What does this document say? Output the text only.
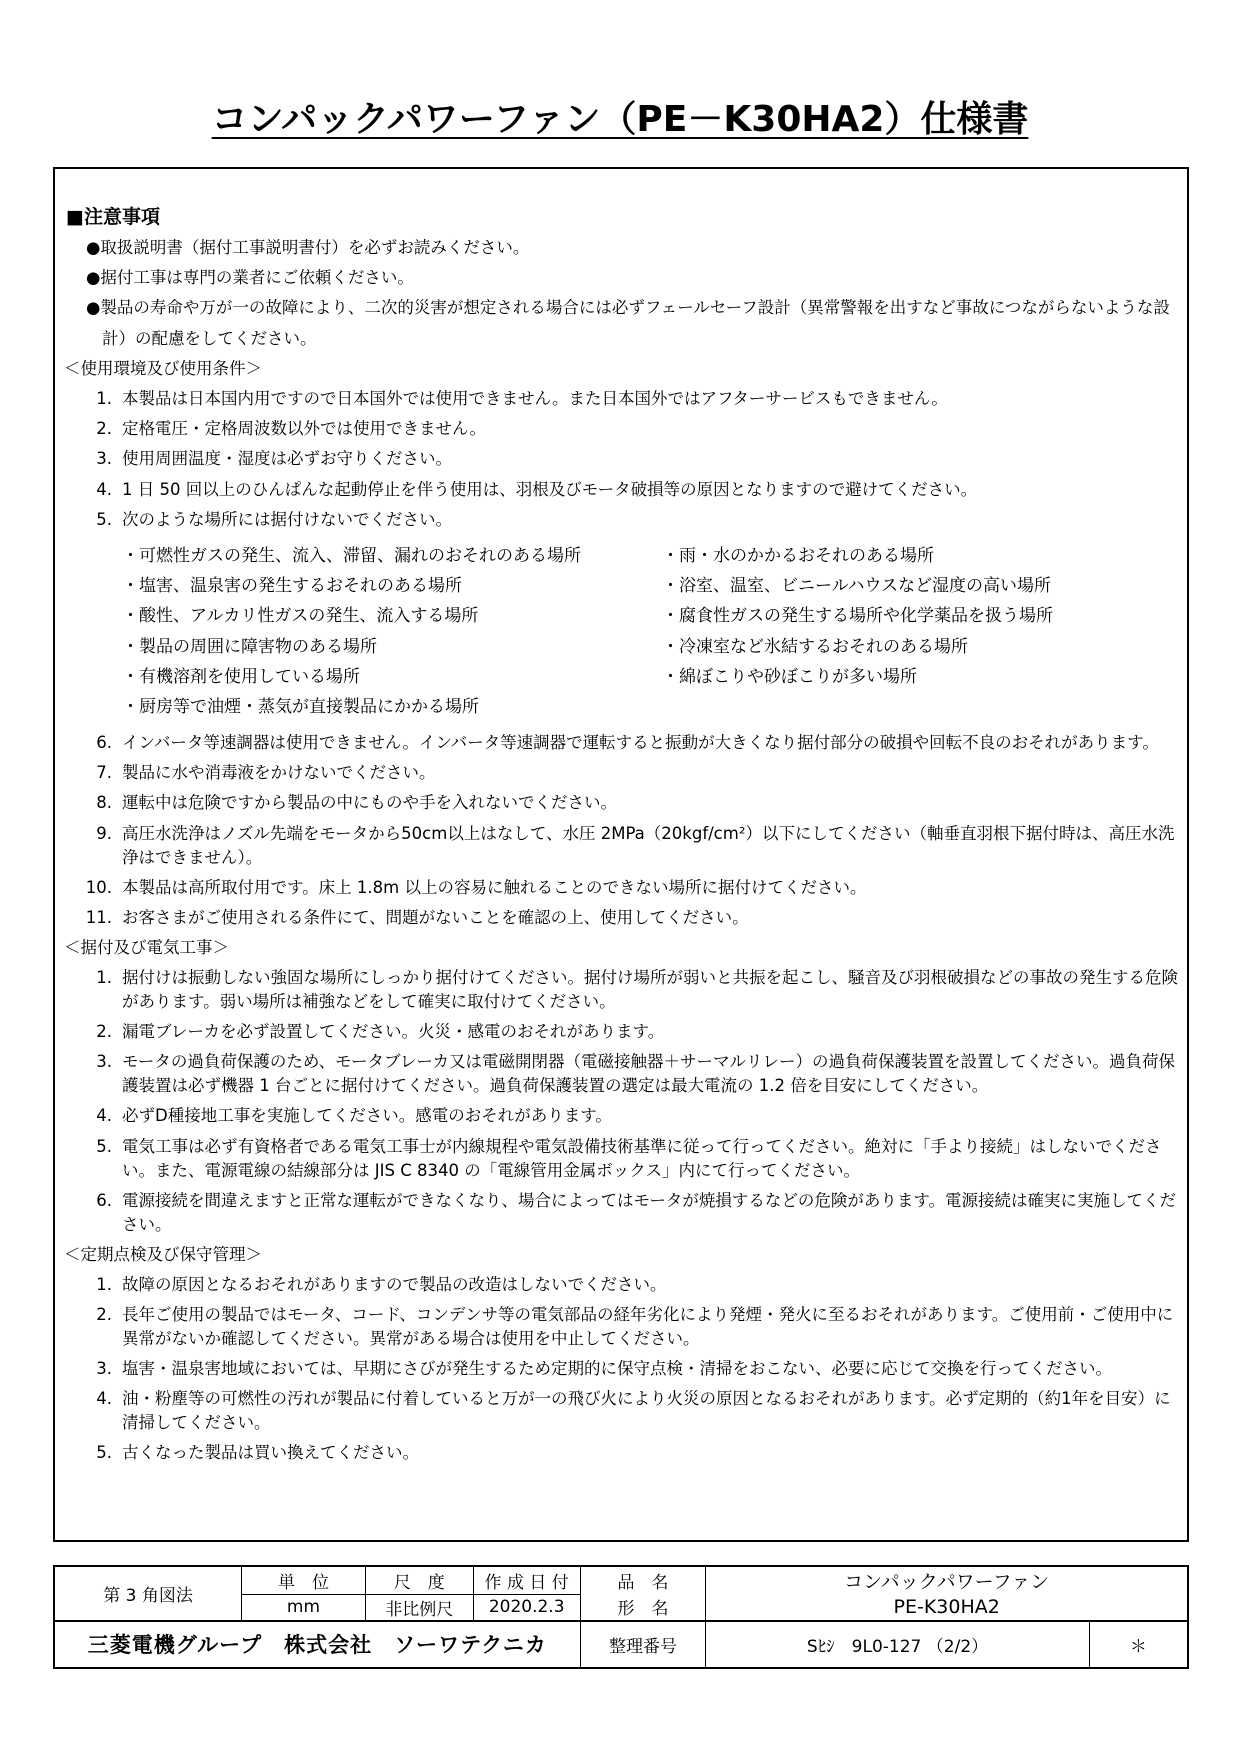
コンパックパワーファン（PE－K30HA2）仕様書

■注意事項

●取扱説明書（据付工事説明書付）を必ずお読みください。

●据付工事は専門の業者にご依頼ください。

●製品の寿命や万が一の故障により、二次的災害が想定される場合には必ずフェールセーフ設計（異常警報を出すなど事故につながらないような設計）の配慮をしてください。

＜使用環境及び使用条件＞

1. 本製品は日本国内用ですので日本国外では使用できません。また日本国外ではアフターサービスもできません。

2. 定格電圧・定格周波数以外では使用できません。

3. 使用周囲温度・湿度は必ずお守りください。

4. 1 日 50 回以上のひんぱんな起動停止を伴う使用は、羽根及びモータ破損等の原因となりますので避けてください。

5. 次のような場所には据付けないでください。

・可燃性ガスの発生、流入、滞留、漏れのおそれのある場所	・雨・水のかかるおそれのある場所
・塩害、温泉害の発生するおそれのある場所	・浴室、温室、ビニールハウスなど湿度の高い場所
・酸性、アルカリ性ガスの発生、流入する場所	・腐食性ガスの発生する場所や化学薬品を扱う場所
・製品の周囲に障害物のある場所	・冷凍室など氷結するおそれのある場所
・有機溶剤を使用している場所	・綿ぼこりや砂ぼこりが多い場所
・厨房等で油煙・蒸気が直接製品にかかる場所

6. インバータ等速調器は使用できません。インバータ等速調器で運転すると振動が大きくなり据付部分の破損や回転不良のおそれがあります。

7. 製品に水や消毒液をかけないでください。

8. 運転中は危険ですから製品の中にものや手を入れないでください。

9. 高圧水洗浄はノズル先端をモータから50cm以上はなして、水圧 2MPa（20kgf/cm²）以下にしてください（軸垂直羽根下据付時は、高圧水洗浄はできません）。

10. 本製品は高所取付用です。床上 1.8m 以上の容易に触れることのできない場所に据付けてください。

11. お客さまがご使用される条件にて、問題がないことを確認の上、使用してください。

＜据付及び電気工事＞

1. 据付けは振動しない強固な場所にしっかり据付けてください。据付け場所が弱いと共振を起こし、騒音及び羽根破損などの事故の発生する危険があります。弱い場所は補強などをして確実に取付けてください。

2. 漏電ブレーカを必ず設置してください。火災・感電のおそれがあります。

3. モータの過負荷保護のため、モータブレーカ又は電磁開閉器（電磁接触器＋サーマルリレー）の過負荷保護装置を設置してください。過負荷保護装置は必ず機器 1 台ごとに据付けてください。過負荷保護装置の選定は最大電流の 1.2 倍を目安にしてください。

4. 必ずD種接地工事を実施してください。感電のおそれがあります。

5. 電気工事は必ず有資格者である電気工事士が内線規程や電気設備技術基準に従って行ってください。絶対に「手より接続」はしないでください。また、電源電線の結線部分は JIS C 8340 の「電線管用金属ボックス」内にて行ってください。

6. 電源接続を間違えますと正常な運転ができなくなり、場合によってはモータが焼損するなどの危険があります。電源接続は確実に実施してください。

＜定期点検及び保守管理＞

1. 故障の原因となるおそれがありますので製品の改造はしないでください。

2. 長年ご使用の製品ではモータ、コード、コンデンサ等の電気部品の経年劣化により発煙・発火に至るおそれがあります。ご使用前・ご使用中に異常がないか確認してください。異常がある場合は使用を中止してください。

3. 塩害・温泉害地域においては、早期にさびが発生するため定期的に保守点検・清掃をおこない、必要に応じて交換を行ってください。

4. 油・粉塵等の可燃性の汚れが製品に付着していると万が一の飛び火により火災の原因となるおそれがあります。必ず定期的（約1年を目安）に清掃してください。

5. 古くなった製品は買い換えてください。

第 3 角図法	単　位	尺　度	作 成 日 付	品　名	コンパックパワーファン	
	mm	非比例尺	2020.2.3	形　名	PE-K30HA2	
三菱電機グループ　株式会社　ソーワテクニカ				整理番号	Sﾋｼ　9L0-127 （2/2）	＊
